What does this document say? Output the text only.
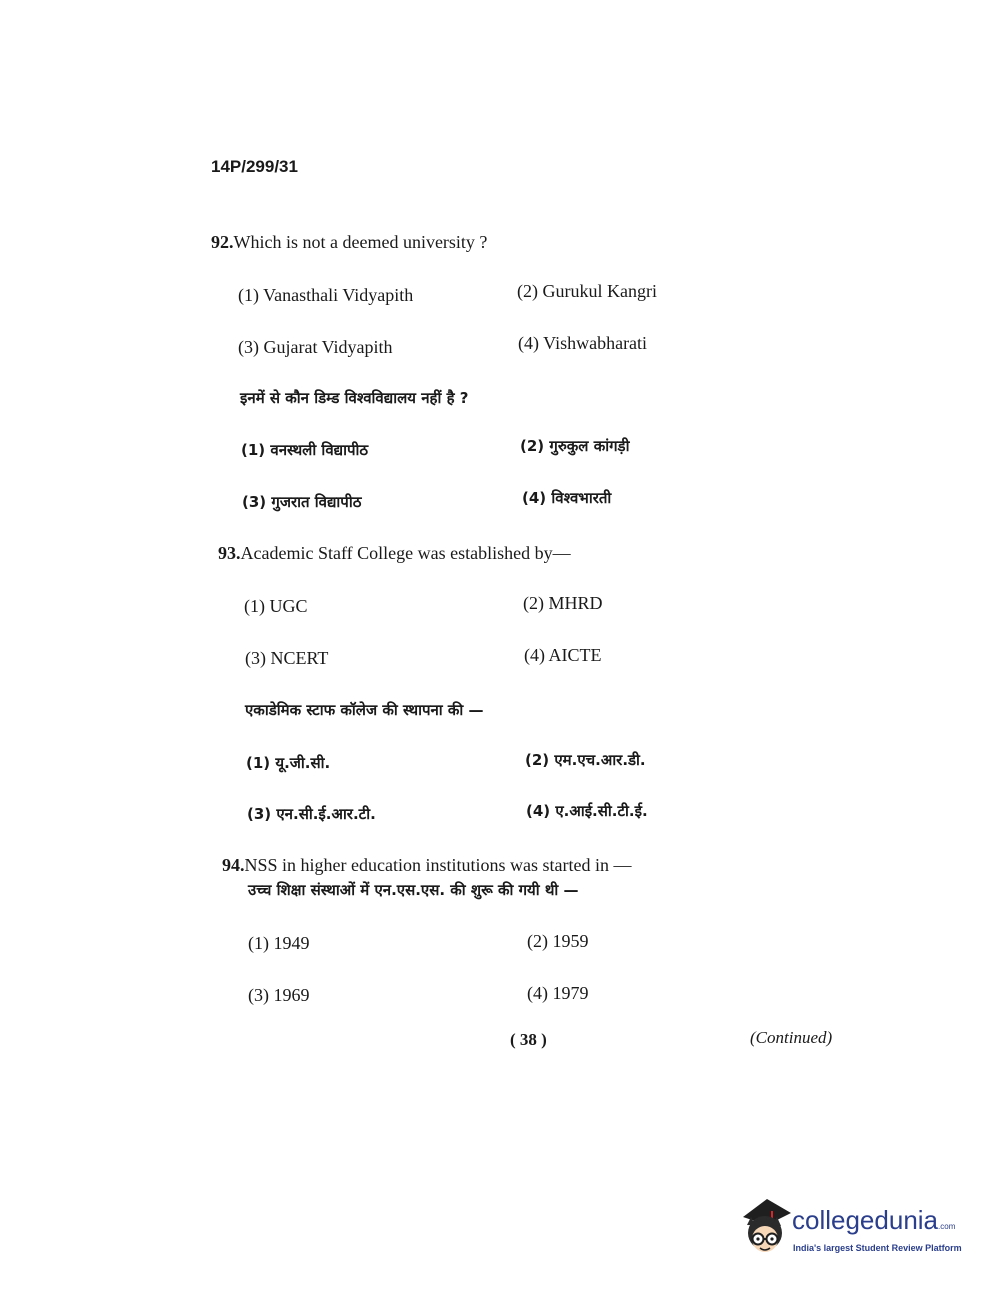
14P/299/31
92.Which is not a deemed university ?
(1) Vanasthali Vidyapith	(2) Gurukul Kangri
(3) Gujarat Vidyapith	(4) Vishwabharati
इनमें से कौन डिम्ड विश्वविद्यालय नहीं है ?
(1) वनस्थली विद्यापीठ	(2) गुरुकुल कांगड़ी
(3) गुजरात विद्यापीठ	(4) विश्वभारती
93.Academic Staff College was established by—
(1) UGC	(2) MHRD
(3) NCERT	(4) AICTE
एकाडेमिक स्टाफ कॉलेज की स्थापना की —
(1) यू.जी.सी.	(2) एम.एच.आर.डी.
(3) एन.सी.ई.आर.टी.	(4) ए.आई.सी.टी.ई.
94.NSS in higher education institutions was started in —
उच्च शिक्षा संस्थाओं में एन.एस.एस. की शुरू की गयी थी —
(1) 1949	(2) 1959
(3) 1969	(4) 1979
( 38 )	(Continued)
collegedunia.com
India's largest Student Review Platform
